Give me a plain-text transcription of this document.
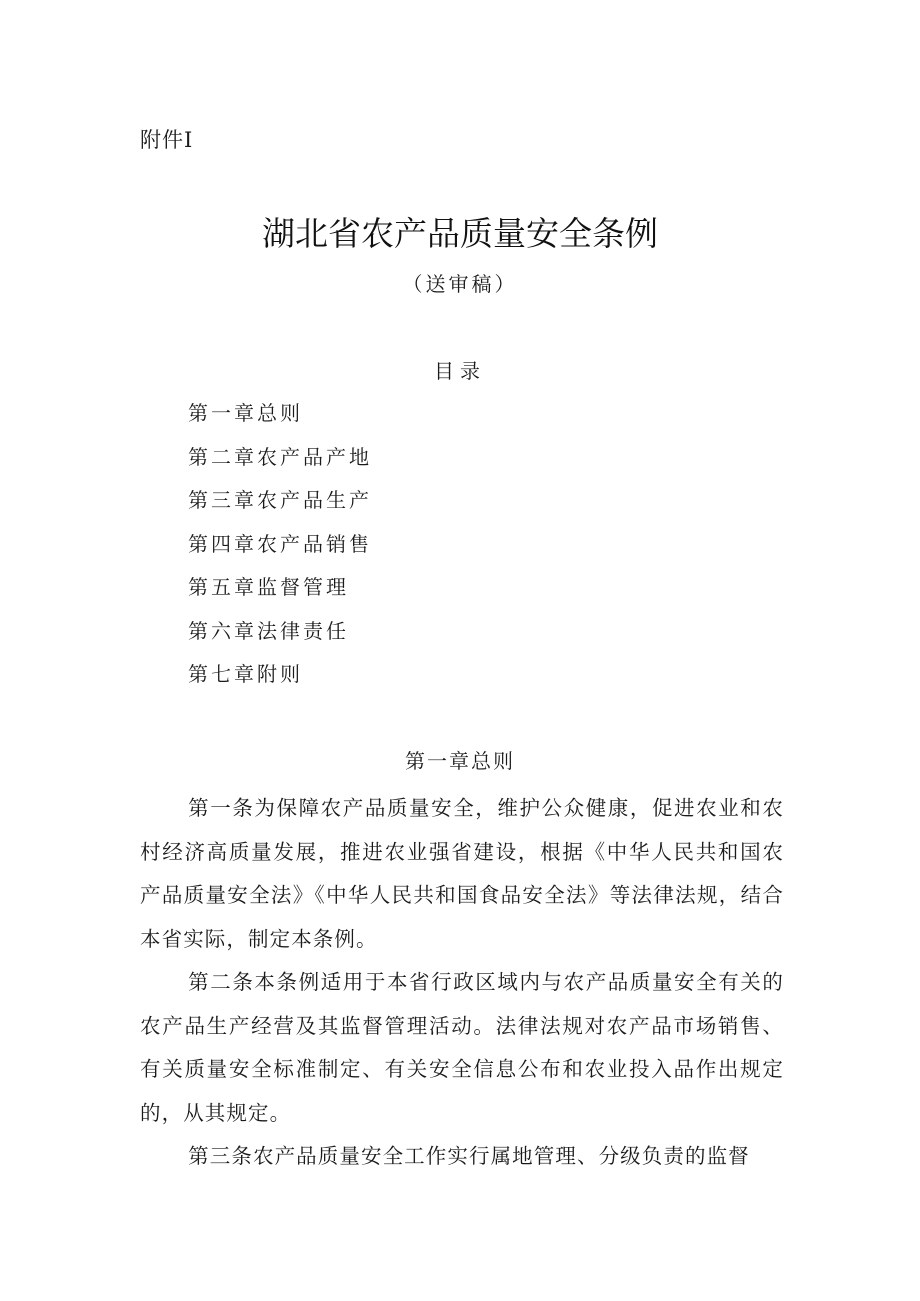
附件I
湖北省农产品质量安全条例
（送审稿）
目录
第一章总则
第二章农产品产地
第三章农产品生产
第四章农产品销售
第五章监督管理
第六章法律责任
第七章附则
第一章总则

第一条为保障农产品质量安全，维护公众健康，促进农业和农村经济高质量发展，推进农业强省建设，根据《中华人民共和国农产品质量安全法》《中华人民共和国食品安全法》等法律法规，结合本省实际，制定本条例。

第二条本条例适用于本省行政区域内与农产品质量安全有关的农产品生产经营及其监督管理活动。法律法规对农产品市场销售、有关质量安全标准制定、有关安全信息公布和农业投入品作出规定的，从其规定。

第三条农产品质量安全工作实行属地管理、分级负责的监督
